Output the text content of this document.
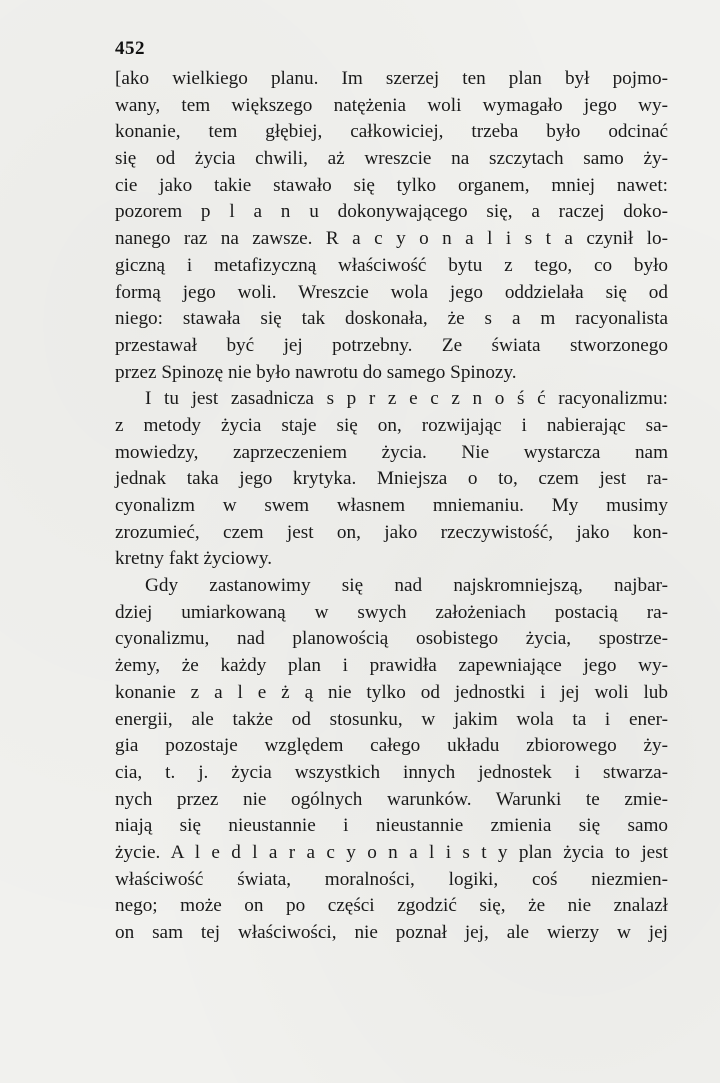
452
[ako wielkiego planu. Im szerzej ten plan był pojmo-
wany, tem większego natężenia woli wymagało jego wy-
konanie, tem głębiej, całkowiciej, trzeba było odcinać
się od życia chwili, aż wreszcie na szczytach samo ży-
cie jako takie stawało się tylko organem, mniej nawet:
pozorem p l a n u dokonywającego się, a raczej doko-
nanego raz na zawsze. R a c y o n a l i s t a czynił lo-
giczną i metafizyczną właściwość bytu z tego, co było
formą jego woli. Wreszcie wola jego oddzielała się od
niego: stawała się tak doskonała, że s a m racyonalista
przestawał być jej potrzebny. Ze świata stworzonego
przez Spinozę nie było nawrotu do samego Spinozy.
I tu jest zasadnicza s p r z e c z n o ś ć racyonalizmu:
z metody życia staje się on, rozwijając i nabierając sa-
mowiedzy, zaprzeczeniem życia. Nie wystarcza nam
jednak taka jego krytyka. Mniejsza o to, czem jest ra-
cyonalizm w swem własnem mniemaniu. My musimy
zrozumieć, czem jest on, jako rzeczywistość, jako kon-
kretny fakt życiowy.
Gdy zastanowimy się nad najskromniejszą, najbar-
dziej umiarkowaną w swych założeniach postacią ra-
cyonalizmu, nad planowością osobistego życia, spostrze-
żemy, że każdy plan i prawidła zapewniające jego wy-
konanie z a l e ż ą nie tylko od jednostki i jej woli lub
energii, ale także od stosunku, w jakim wola ta i ener-
gia pozostaje względem całego układu zbiorowego ży-
cia, t. j. życia wszystkich innych jednostek i stwarza-
nych przez nie ogólnych warunków. Warunki te zmie-
niają się nieustannie i nieustannie zmienia się samo
życie. A l e d l a r a c y o n a l i s t y plan życia to jest
właściwość świata, moralności, logiki, coś niezmien-
nego; może on po części zgodzić się, że nie znalazł
on sam tej właściwości, nie poznał jej, ale wierzy w jej
